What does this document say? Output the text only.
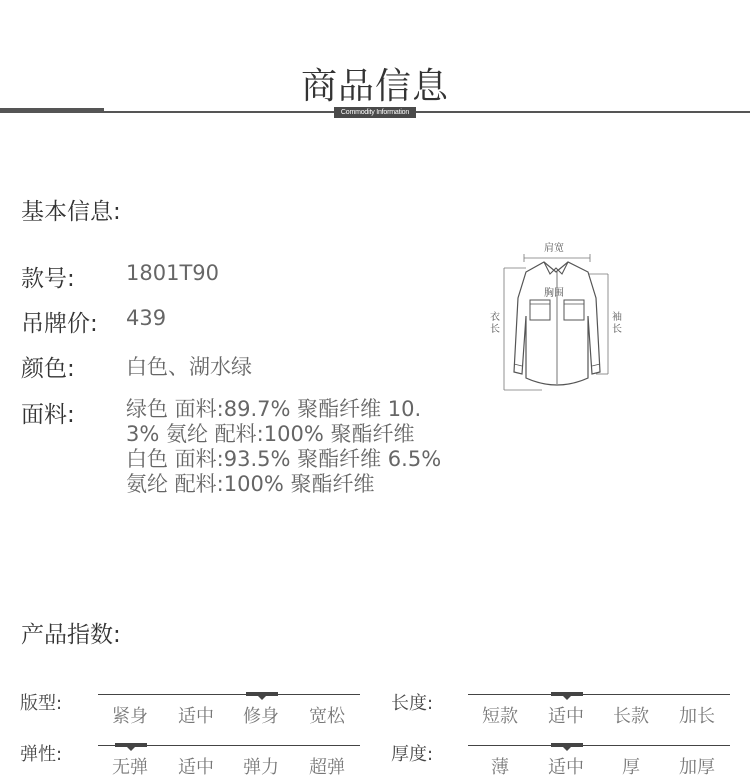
商品信息
Commodity Information
基本信息:
款号: 1801T90
吊牌价: 439
颜色: 白色、湖水绿
面料: 绿色 面料:89.7% 聚酯纤维 10.3% 氨纶 配料:100% 聚酯纤维 白色 面料:93.5% 聚酯纤维 6.5% 氨纶 配料:100% 聚酯纤维
肩宽
胸围
衣
长
袖
长
产品指数:
版型:
紧身	适中	修身	宽松
长度:
短款	适中	长款	加长
弹性:
无弹	适中	弹力	超弹
厚度:
薄	适中	厚	加厚
